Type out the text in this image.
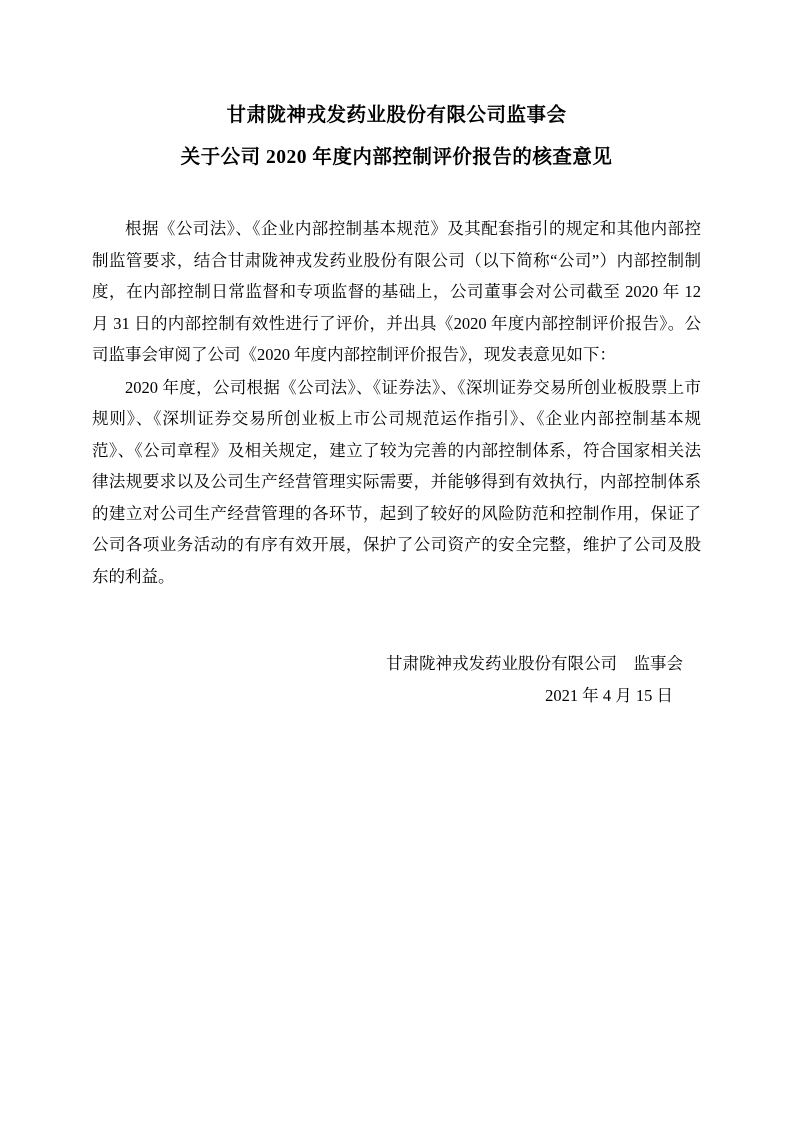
甘肃陇神戎发药业股份有限公司监事会
关于公司 2020 年度内部控制评价报告的核查意见

根据《公司法》、《企业内部控制基本规范》及其配套指引的规定和其他内部控制监管要求，结合甘肃陇神戎发药业股份有限公司（以下简称“公司”）内部控制制度，在内部控制日常监督和专项监督的基础上，公司董事会对公司截至 2020 年 12 月 31 日的内部控制有效性进行了评价，并出具《2020 年度内部控制评价报告》。公司监事会审阅了公司《2020 年度内部控制评价报告》，现发表意见如下：

2020 年度，公司根据《公司法》、《证券法》、《深圳证券交易所创业板股票上市规则》、《深圳证券交易所创业板上市公司规范运作指引》、《企业内部控制基本规范》、《公司章程》及相关规定，建立了较为完善的内部控制体系，符合国家相关法律法规要求以及公司生产经营管理实际需要，并能够得到有效执行，内部控制体系的建立对公司生产经营管理的各环节，起到了较好的风险防范和控制作用，保证了公司各项业务活动的有序有效开展，保护了公司资产的安全完整，维护了公司及股东的利益。

甘肃陇神戎发药业股份有限公司　监事会
2021 年 4 月 15 日
